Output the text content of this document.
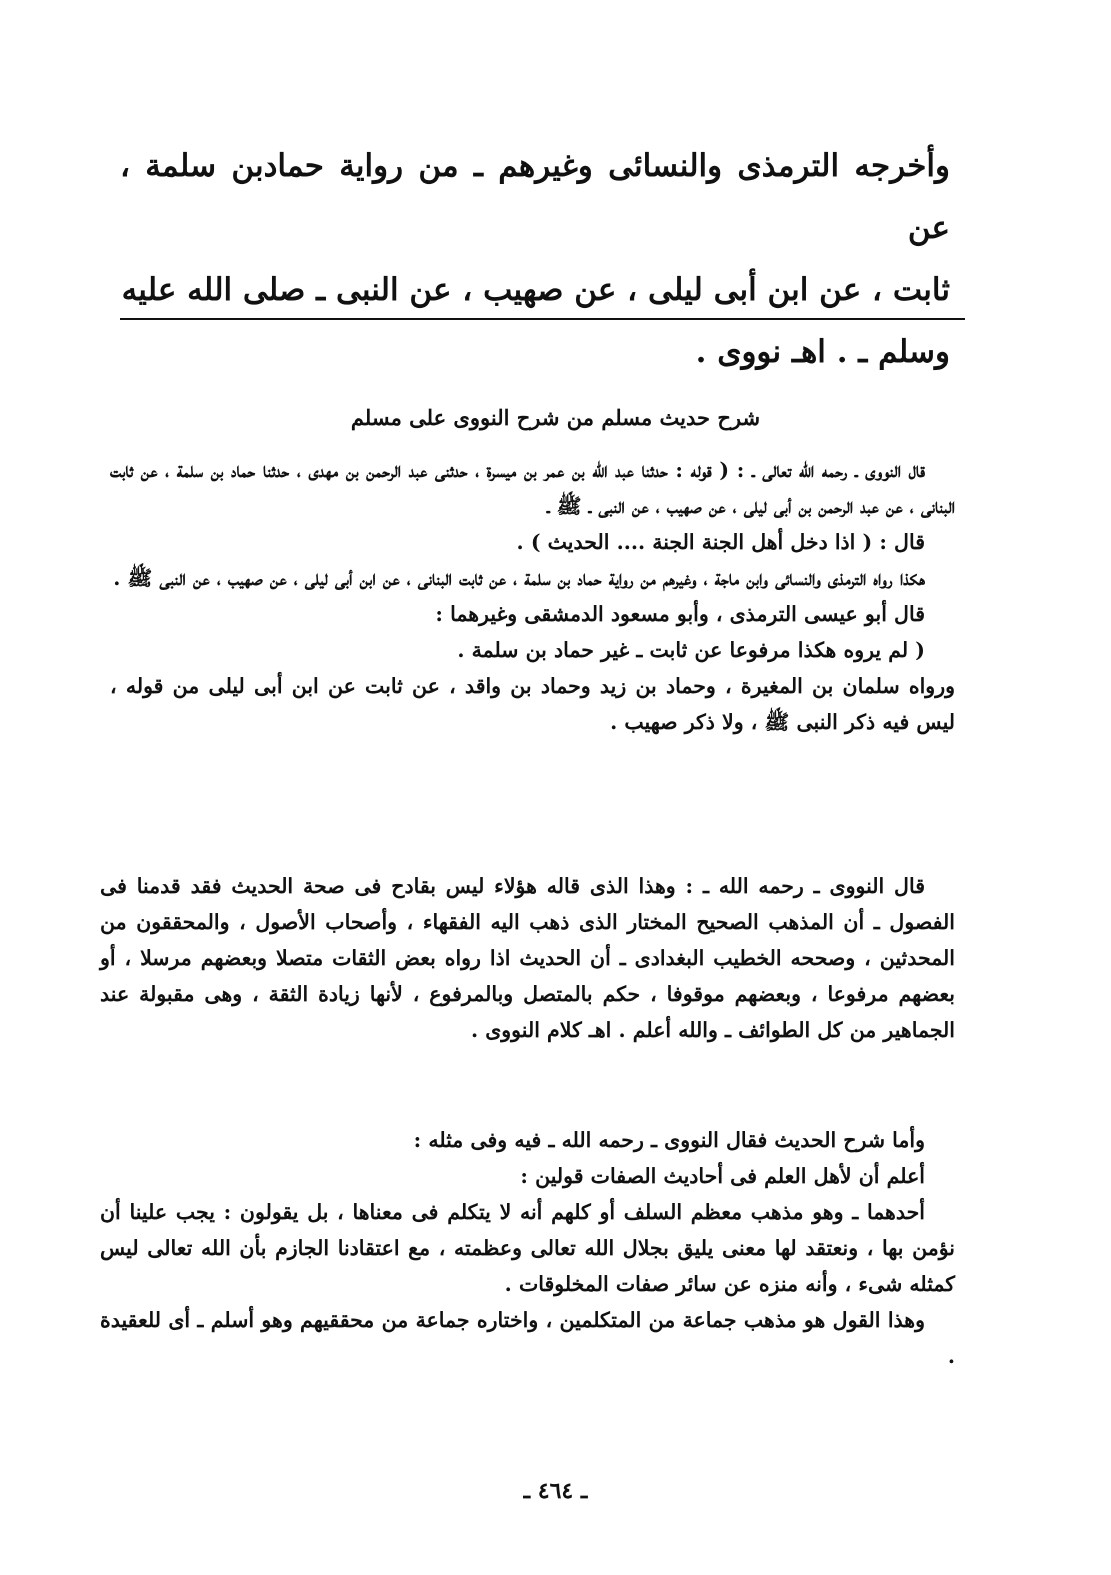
وأخرجه الترمذى والنسائى وغيرهم ـ من رواية حمادبن سلمة ، عن
ثابت ، عن ابن أبى ليلى ، عن صهيب ، عن النبى ـ صلى الله عليه
وسلم ـ . اهـ نووى .
شرح حديث مسلم من شرح النووى على مسلم

قال النووى ـ رحمه الله تعالى ـ : ( قوله : حدثنا عبد الله بن عمر بن ميسرة ، حدثنى عبد الرحمن بن مهدى ، حدثنا حماد بن سلمة ، عن ثابت البنانى ، عن عبد الرحمن بن أبى ليلى ، عن صهيب ، عن النبى ـ ﷺ ـ

قال : ( اذا دخل أهل الجنة الجنة .... الحديث ) .

هكذا رواه الترمذى والنسائى وابن ماجة ، وغيرهم من رواية حماد بن سلمة ، عن ثابت البنانى ، عن ابن أبى ليلى ، عن صهيب ، عن النبى ﷺ .

قال أبو عيسى الترمذى ، وأبو مسعود الدمشقى وغيرهما :

( لم يروه هكذا مرفوعا عن ثابت ـ غير حماد بن سلمة .

ورواه سلمان بن المغيرة ، وحماد بن زيد وحماد بن واقد ، عن ثابت عن ابن أبى ليلى من قوله ، ليس فيه ذكر النبى ﷺ ، ولا ذكر صهيب .

قال النووى ـ رحمه الله ـ : وهذا الذى قاله هؤلاء ليس بقادح فى صحة الحديث فقد قدمنا فى الفصول ـ أن المذهب الصحيح المختار الذى ذهب اليه الفقهاء ، وأصحاب الأصول ، والمحققون من المحدثين ، وصححه الخطيب البغدادى ـ أن الحديث اذا رواه بعض الثقات متصلا وبعضهم مرسلا ، أو بعضهم مرفوعا ، وبعضهم موقوفا ، حكم بالمتصل وبالمرفوع ، لأنها زيادة الثقة ، وهى مقبولة عند الجماهير من كل الطوائف ـ والله أعلم . اهـ كلام النووى .

وأما شرح الحديث فقال النووى ـ رحمه الله ـ فيه وفى مثله :

أعلم أن لأهل العلم فى أحاديث الصفات قولين :

أحدهما ـ وهو مذهب معظم السلف أو كلهم أنه لا يتكلم فى معناها ، بل يقولون : يجب علينا أن نؤمن بها ، ونعتقد لها معنى يليق بجلال الله تعالى وعظمته ، مع اعتقادنا الجازم بأن الله تعالى ليس كمثله شىء ، وأنه منزه عن سائر صفات المخلوقات .

وهذا القول هو مذهب جماعة من المتكلمين ، واختاره جماعة من محققيهم وهو أسلم ـ أى للعقيدة .

ـ ٤٦٤ ـ
